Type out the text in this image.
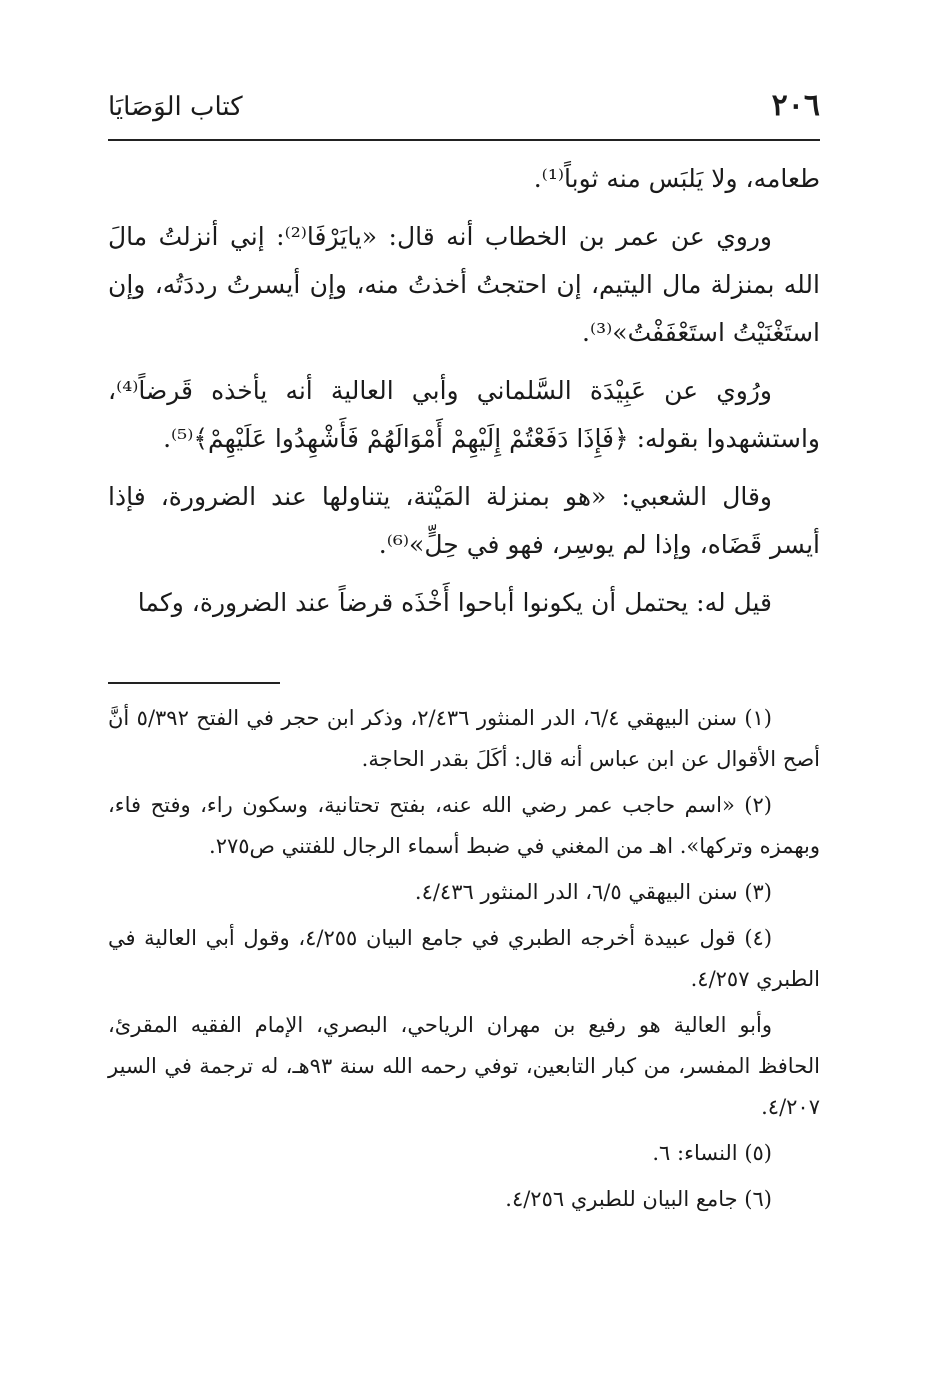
٢٠٦
كتاب الوَصَايَا

طعامه، ولا يَلبَس منه ثوباً⁽¹⁾.

وروي عن عمر بن الخطاب أنه قال: «يايَرْفَا⁽²⁾: إني أنزلتُ مالَ الله بمنزلة مال اليتيم، إن احتجتُ أخذتُ منه، وإن أيسرتُ رددَتُه، وإن استَغْنَيْتُ استَعْفَفْتُ»⁽³⁾.

ورُوي عن عَبِيْدَة السَّلماني وأبي العالية أنه يأخذه قَرضاً⁽⁴⁾، واستشهدوا بقوله: ﴿فَإِذَا دَفَعْتُمْ إِلَيْهِمْ أَمْوَالَهُمْ فَأَشْهِدُوا عَلَيْهِمْ﴾⁽⁵⁾.

وقال الشعبي: «هو بمنزلة المَيْتة، يتناولها عند الضرورة، فإذا أيسر قَضَاه، وإذا لم يوسِر، فهو في حِلٍّ»⁽⁶⁾.

قيل له: يحتمل أن يكونوا أباحوا أَخْذَه قرضاً عند الضرورة، وكما

(١) سنن البيهقي ٦/٤، الدر المنثور ٢/٤٣٦، وذكر ابن حجر في الفتح ٥/٣٩٢ أنَّ أصح الأقوال عن ابن عباس أنه قال: أكَلَ بقدر الحاجة.

(٢) «اسم حاجب عمر رضي الله عنه، بفتح تحتانية، وسكون راء، وفتح فاء، وبهمزه وتركها». اهـ من المغني في ضبط أسماء الرجال للفتني ص٢٧٥.

(٣) سنن البيهقي ٦/٥، الدر المنثور ٤/٤٣٦.

(٤) قول عبيدة أخرجه الطبري في جامع البيان ٤/٢٥٥، وقول أبي العالية في الطبري ٤/٢٥٧.

وأبو العالية هو رفيع بن مهران الرياحي، البصري، الإمام الفقيه المقرئ، الحافظ المفسر، من كبار التابعين، توفي رحمه الله سنة ٩٣هـ، له ترجمة في السير ٤/٢٠٧.

(٥) النساء: ٦.

(٦) جامع البيان للطبري ٤/٢٥٦.
